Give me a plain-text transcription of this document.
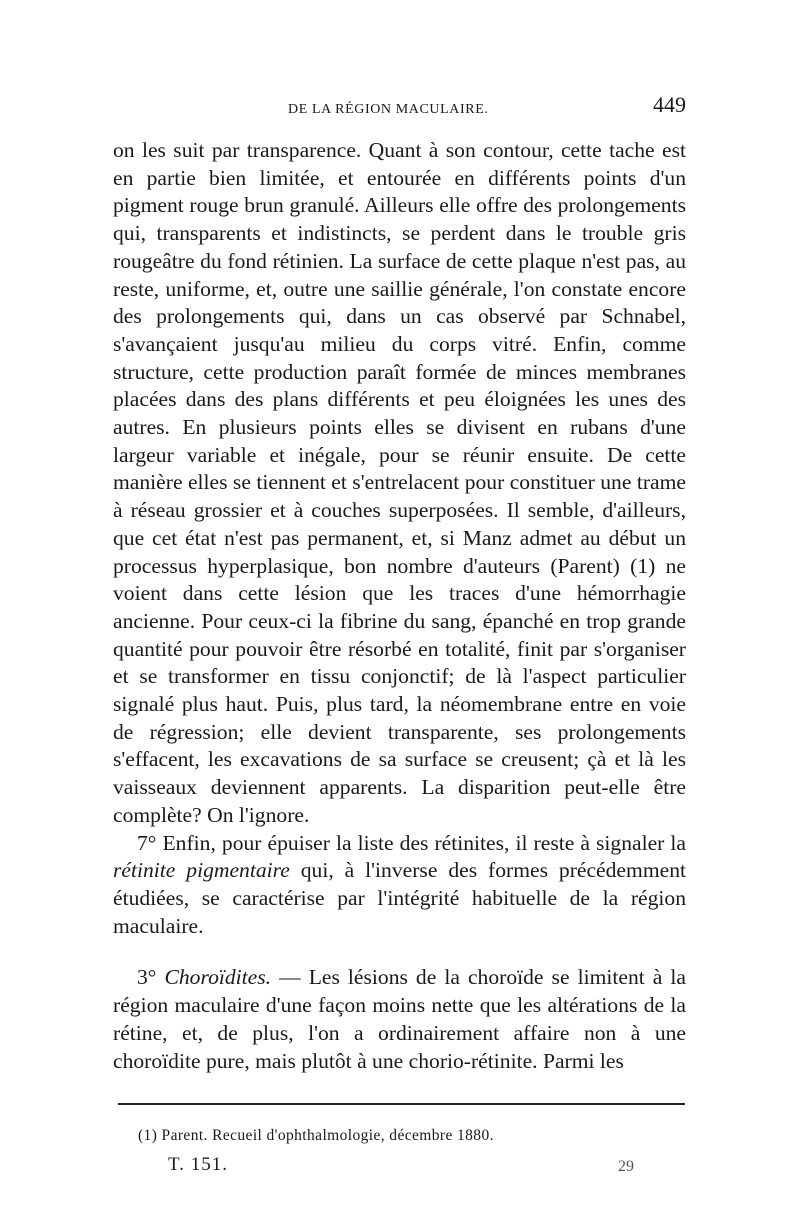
DE LA RÉGION MACULAIRE.	449

on les suit par transparence. Quant à son contour, cette tache est en partie bien limitée, et entourée en différents points d'un pigment rouge brun granulé. Ailleurs elle offre des prolongements qui, transparents et indistincts, se perdent dans le trouble gris rougeâtre du fond rétinien. La surface de cette plaque n'est pas, au reste, uniforme, et, outre une saillie générale, l'on constate encore des prolongements qui, dans un cas observé par Schnabel, s'avançaient jusqu'au milieu du corps vitré. Enfin, comme structure, cette production paraît formée de minces membranes placées dans des plans différents et peu éloignées les unes des autres. En plusieurs points elles se divisent en rubans d'une largeur variable et inégale, pour se réunir ensuite. De cette manière elles se tiennent et s'entrelacent pour constituer une trame à réseau grossier et à couches superposées. Il semble, d'ailleurs, que cet état n'est pas permanent, et, si Manz admet au début un processus hyperplasique, bon nombre d'auteurs (Parent) (1) ne voient dans cette lésion que les traces d'une hémorrhagie ancienne. Pour ceux-ci la fibrine du sang, épanché en trop grande quantité pour pouvoir être résorbé en totalité, finit par s'organiser et se transformer en tissu conjonctif; de là l'aspect particulier signalé plus haut. Puis, plus tard, la néomembrane entre en voie de régression; elle devient transparente, ses prolongements s'effacent, les excavations de sa surface se creusent; çà et là les vaisseaux deviennent apparents. La disparition peut-elle être complète? On l'ignore.

7° Enfin, pour épuiser la liste des rétinites, il reste à signaler la rétinite pigmentaire qui, à l'inverse des formes précédemment étudiées, se caractérise par l'intégrité habituelle de la région maculaire.

3° Choroïdites. — Les lésions de la choroïde se limitent à la région maculaire d'une façon moins nette que les altérations de la rétine, et, de plus, l'on a ordinairement affaire non à une choroïdite pure, mais plutôt à une chorio-rétinite. Parmi les

(1) Parent. Recueil d'ophthalmologie, décembre 1880.
T. 151.	29
